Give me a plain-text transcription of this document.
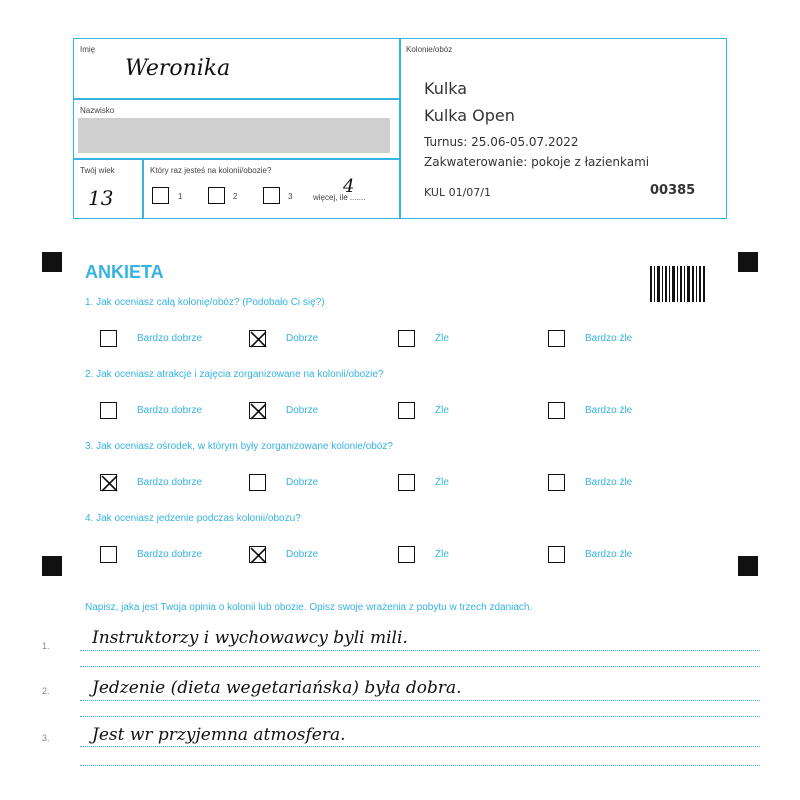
Imię
Weronika
Nazwisko
Twój wiek
13
Który raz jesteś na kolonii/obozie?
1	2	3	więcej, ile .......
4
Kolonie/obóz
Kulka
Kulka Open
Turnus: 25.06-05.07.2022
Zakwaterowanie: pokoje z łazienkami
KUL 01/07/1	00385
ANKIETA
1. Jak oceniasz całą kolonię/obóz? (Podobało Ci się?)
2. Jak oceniasz atrakcje i zajęcia zorganizowane na kolonii/obozie?
3. Jak oceniasz ośrodek, w którym były zorganizowane kolonie/obóz?
4. Jak oceniasz jedzenie podczas kolonii/obozu?
Bardzo dobrze	Dobrze	Źle	Bardzo źle
Bardzo dobrze	Dobrze	Źle	Bardzo źle
Bardzo dobrze	Dobrze	Źle	Bardzo źle
Bardzo dobrze	Dobrze	Źle	Bardzo źle
Napisz, jaka jest Twoja opinia o kolonii lub obozie. Opisz swoje wrażenia z pobytu w trzech zdaniach.
1. Instruktorzy i wychowawcy byli mili.
2. Jedzenie (dieta wegetariańska) była dobra.
3. Jest wr przyjemna atmosfera.
